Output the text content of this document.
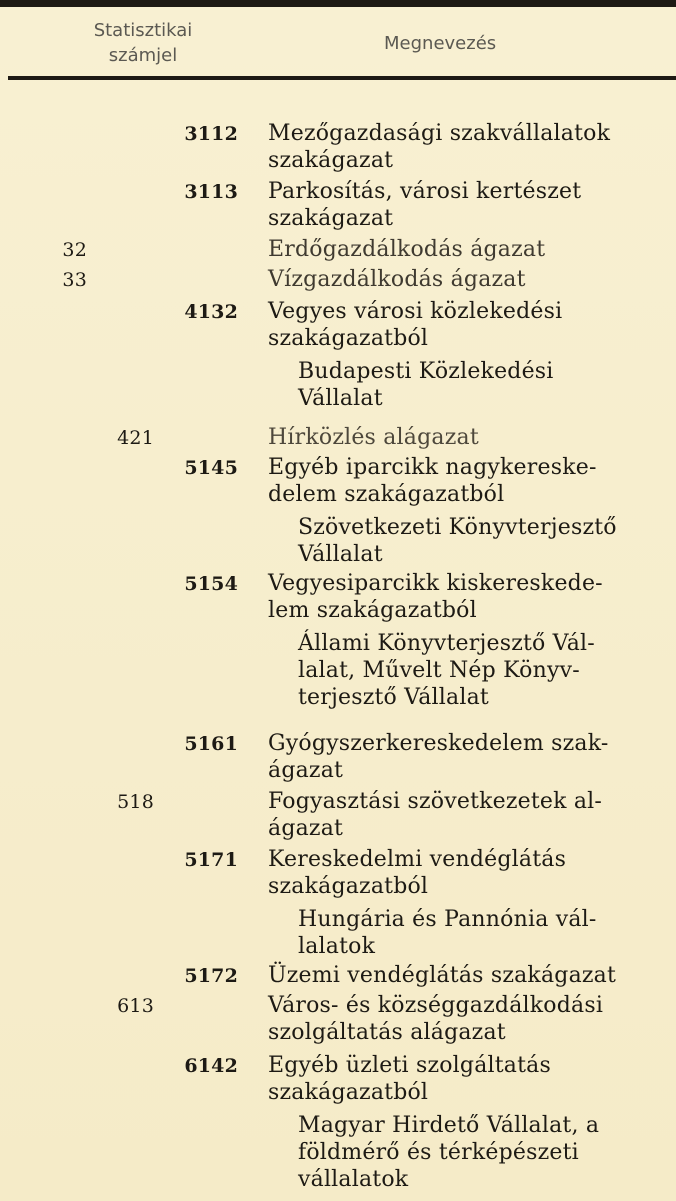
Statisztikai
számjel
Megnevezés
3112 Mezőgazdasági szakvállalatok
szakágazat
3113 Parkosítás, városi kertészet
szakágazat
32	Erdőgazdálkodás ágazat
33	Vízgazdálkodás ágazat
4132 Vegyes városi közlekedési
szakágazatból
Budapesti Közlekedési
Vállalat
421	Hírközlés alágazat
5145 Egyéb iparcikk nagykereske-
delem szakágazatból
Szövetkezeti Könyvterjesztő
Vállalat
5154 Vegyesiparcikk kiskereskede-
lem szakágazatból
Állami Könyvterjesztő Vál-
lalat, Művelt Nép Könyv-
terjesztő Vállalat
5161 Gyógyszerkereskedelem szak-
ágazat
518	Fogyasztási szövetkezetek al-
ágazat
5171 Kereskedelmi vendéglátás
szakágazatból
Hungária és Pannónia vál-
lalatok
5172 Üzemi vendéglátás szakágazat
613	Város- és községgazdálkodási
szolgáltatás alágazat
6142 Egyéb üzleti szolgáltatás
szakágazatból
Magyar Hirdető Vállalat, a
földmérő és térképészeti
vállalatok
